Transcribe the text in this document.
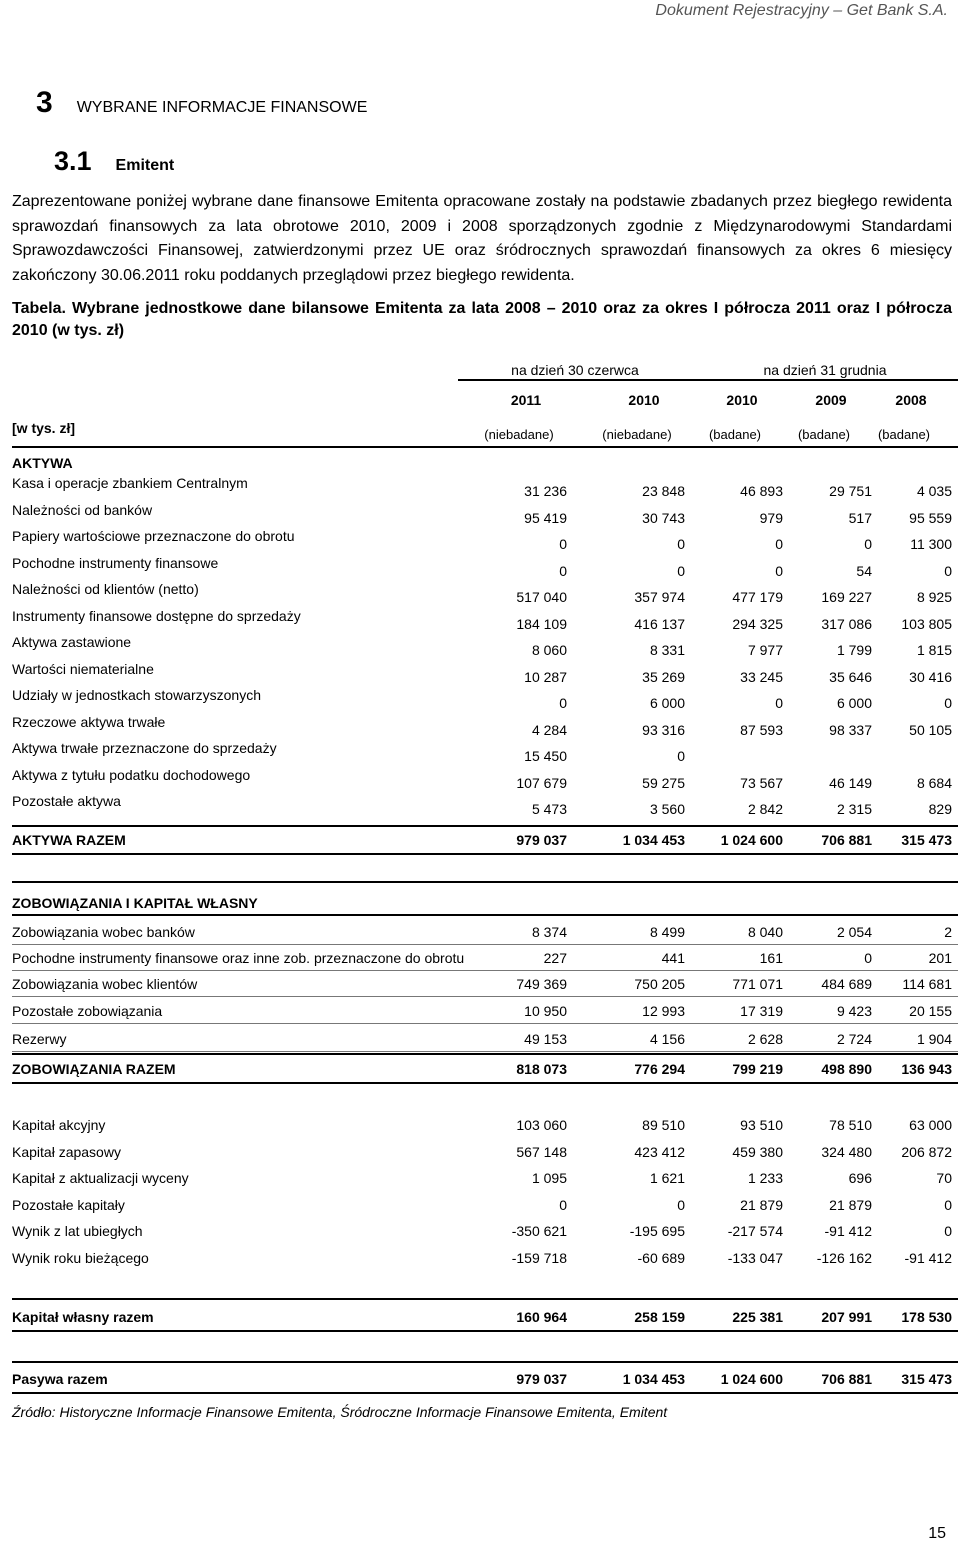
Dokument Rejestracyjny – Get Bank S.A.
3 WYBRANE INFORMACJE FINANSOWE
3.1 Emitent
Zaprezentowane poniżej wybrane dane finansowe Emitenta opracowane zostały na podstawie zbadanych przez biegłego rewidenta sprawozdań finansowych za lata obrotowe 2010, 2009 i 2008 sporządzonych zgodnie z Międzynarodowymi Standardami Sprawozdawczości Finansowej, zatwierdzonymi przez UE oraz śródrocznych sprawozdań finansowych za okres 6 miesięcy zakończony 30.06.2011 roku poddanych przeglądowi przez biegłego rewidenta.
Tabela. Wybrane jednostkowe dane bilansowe Emitenta za lata 2008 – 2010 oraz za okres I półrocza 2011 oraz I półrocza 2010 (w tys. zł)
na dzień 30 czerwca	na dzień 31 grudnia
2011	2010	2010	2009	2008
[w tys. zł]	(niebadane)	(niebadane)	(badane)	(badane)	(badane)
AKTYWA
Kasa i operacje zbankiem Centralnym	31 236	23 848	46 893	29 751	4 035
Należności od banków	95 419	30 743	979	517	95 559
Papiery wartościowe przeznaczone do obrotu	0	0	0	0	11 300
Pochodne instrumenty finansowe	0	0	0	54	0
Należności od klientów (netto)	517 040	357 974	477 179	169 227	8 925
Instrumenty finansowe dostępne do sprzedaży	184 109	416 137	294 325	317 086	103 805
Aktywa zastawione	8 060	8 331	7 977	1 799	1 815
Wartości niematerialne	10 287	35 269	33 245	35 646	30 416
Udziały w jednostkach stowarzyszonych	0	6 000	0	6 000	0
Rzeczowe aktywa trwałe	4 284	93 316	87 593	98 337	50 105
Aktywa trwałe przeznaczone do sprzedaży	15 450	0
Aktywa z tytułu podatku dochodowego	107 679	59 275	73 567	46 149	8 684
Pozostałe aktywa	5 473	3 560	2 842	2 315	829
AKTYWA RAZEM	979 037	1 034 453	1 024 600	706 881	315 473
ZOBOWIĄZANIA I KAPITAŁ WŁASNY
Zobowiązania wobec banków	8 374	8 499	8 040	2 054	2
Pochodne instrumenty finansowe oraz inne zob. przeznaczone do obrotu	227	441	161	0	201
Zobowiązania wobec klientów	749 369	750 205	771 071	484 689	114 681
Pozostałe zobowiązania	10 950	12 993	17 319	9 423	20 155
Rezerwy	49 153	4 156	2 628	2 724	1 904
ZOBOWIĄZANIA RAZEM	818 073	776 294	799 219	498 890	136 943
Kapitał akcyjny	103 060	89 510	93 510	78 510	63 000
Kapitał zapasowy	567 148	423 412	459 380	324 480	206 872
Kapitał z aktualizacji wyceny	1 095	1 621	1 233	696	70
Pozostałe kapitały	0	0	21 879	21 879	0
Wynik z lat ubiegłych	-350 621	-195 695	-217 574	-91 412	0
Wynik roku bieżącego	-159 718	-60 689	-133 047	-126 162	-91 412
Kapitał własny razem	160 964	258 159	225 381	207 991	178 530
Pasywa razem	979 037	1 034 453	1 024 600	706 881	315 473
Źródło: Historyczne Informacje Finansowe Emitenta, Śródroczne Informacje Finansowe Emitenta, Emitent
15
